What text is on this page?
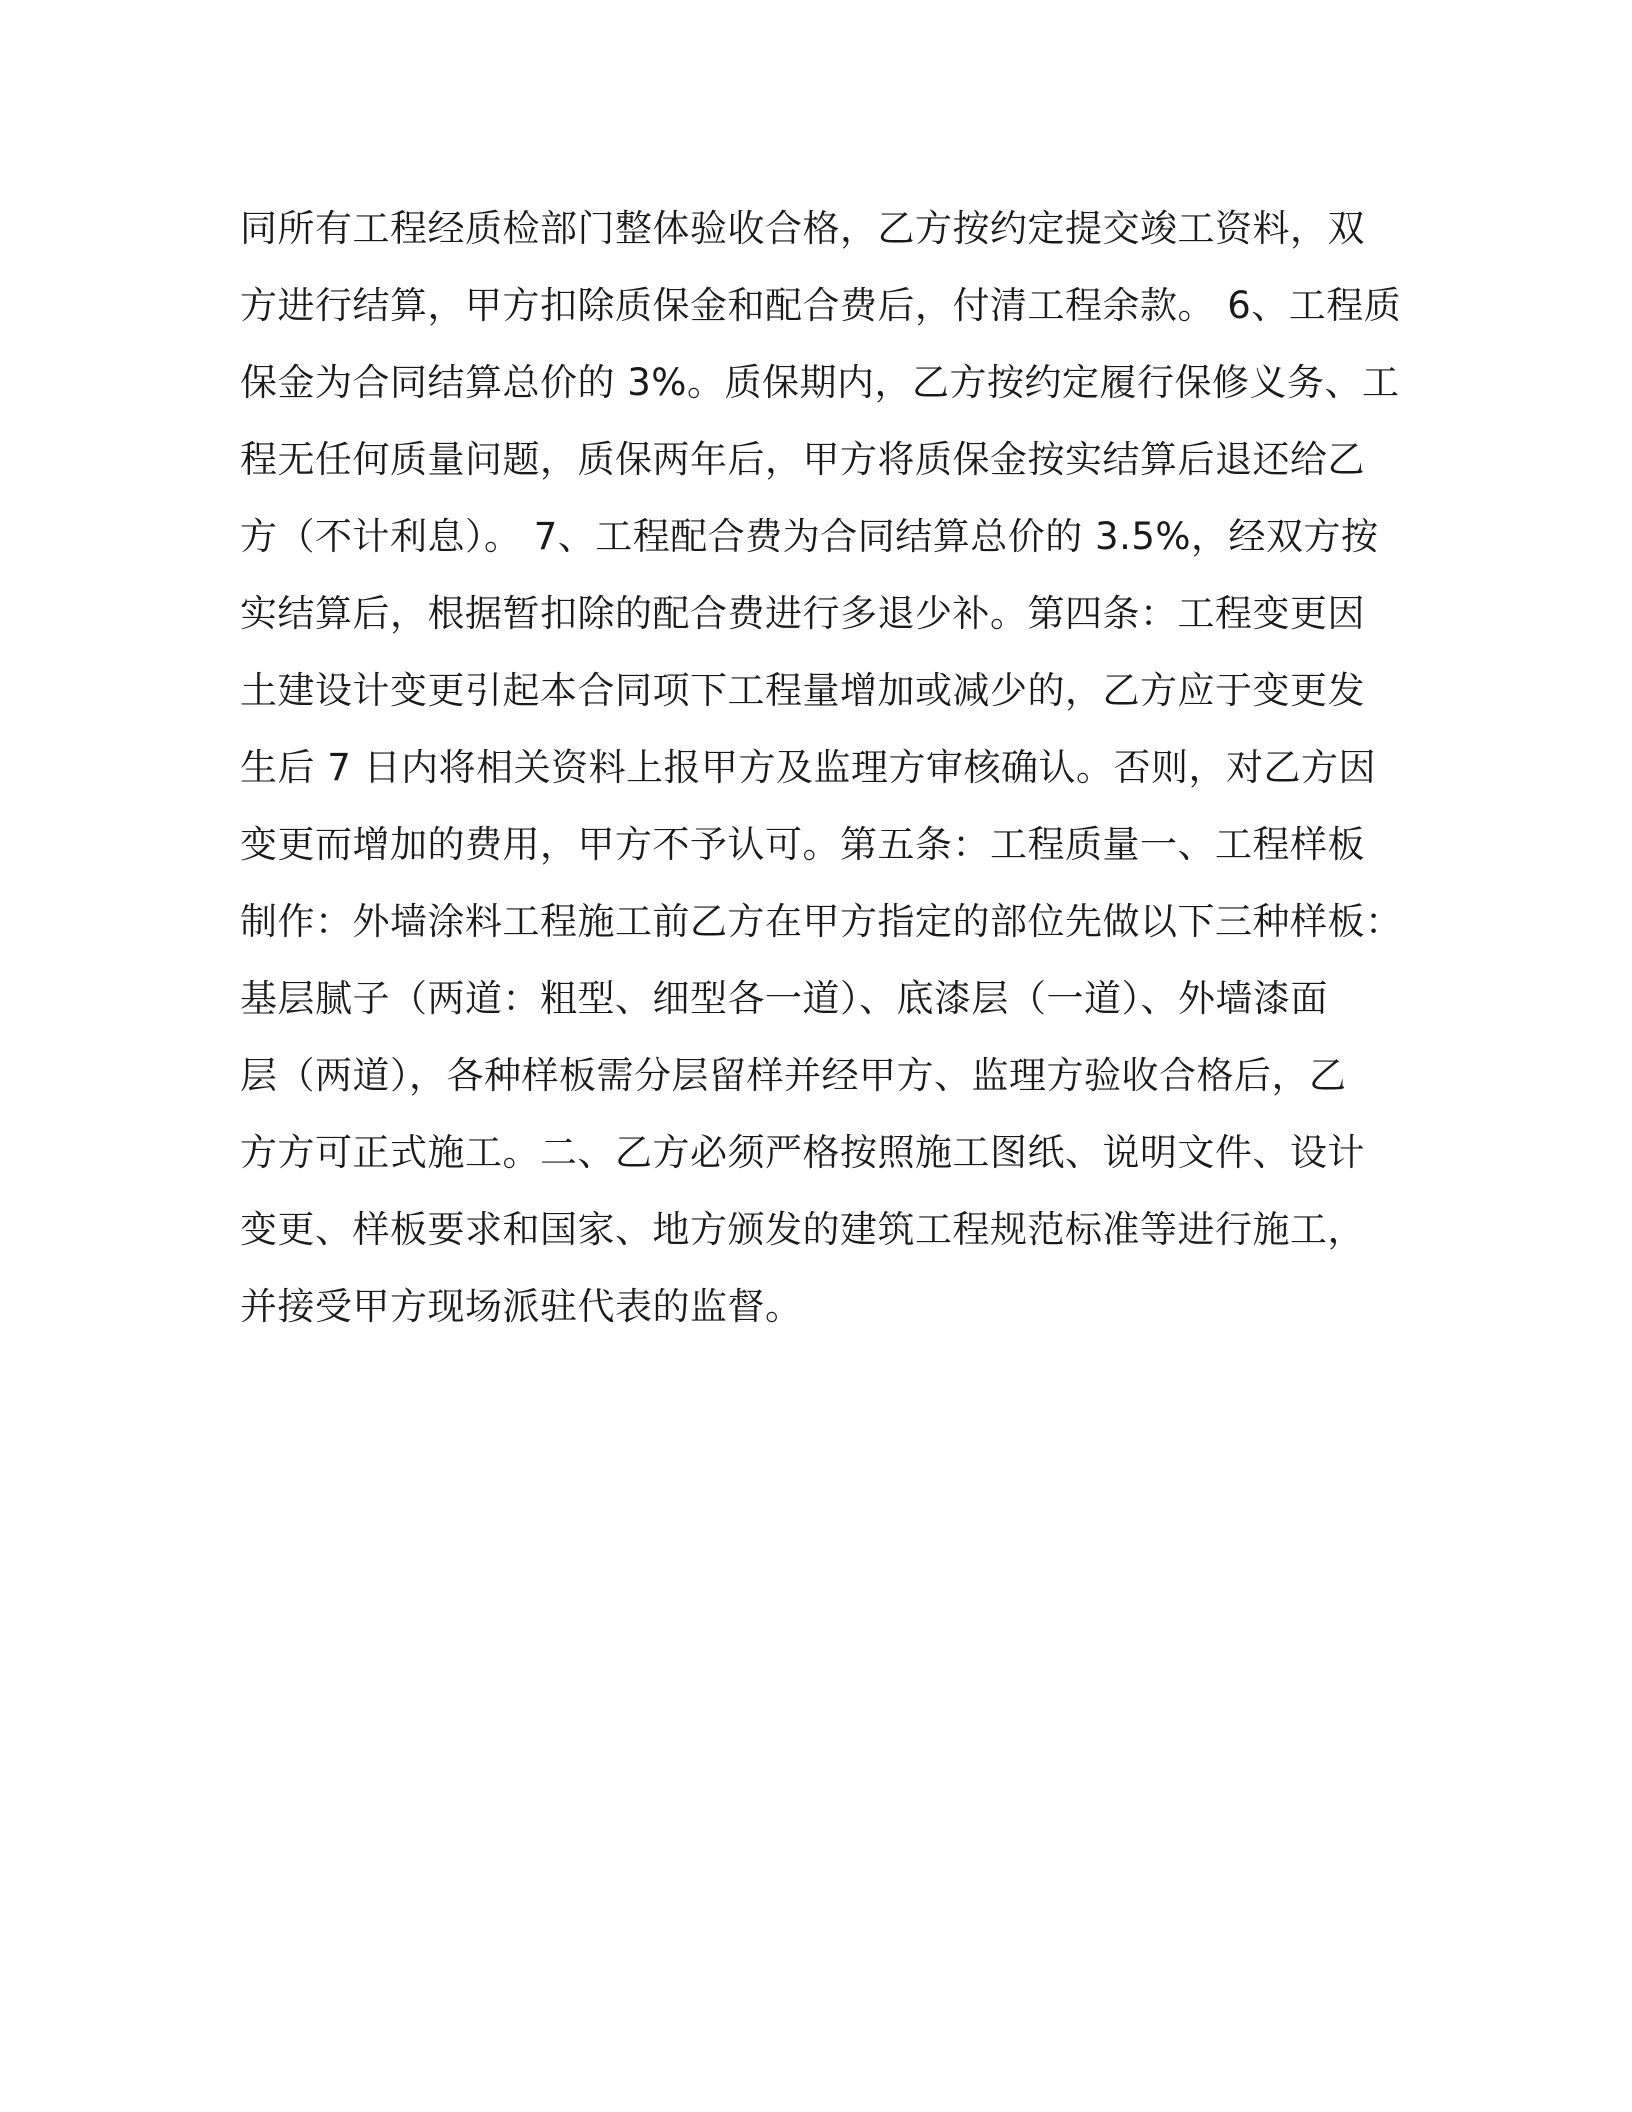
同所有工程经质检部门整体验收合格，乙方按约定提交竣工资料，双
方进行结算，甲方扣除质保金和配合费后，付清工程余款。 6、工程质
保金为合同结算总价的 3%。质保期内，乙方按约定履行保修义务、工
程无任何质量问题，质保两年后，甲方将质保金按实结算后退还给乙
方（不计利息）。 7、工程配合费为合同结算总价的 3.5%，经双方按
实结算后，根据暂扣除的配合费进行多退少补。第四条：工程变更因
土建设计变更引起本合同项下工程量增加或减少的，乙方应于变更发
生后 7 日内将相关资料上报甲方及监理方审核确认。否则，对乙方因
变更而增加的费用，甲方不予认可。第五条：工程质量一、工程样板
制作：外墙涂料工程施工前乙方在甲方指定的部位先做以下三种样板：
基层腻子（两道：粗型、细型各一道）、底漆层（一道）、外墙漆面
层（两道），各种样板需分层留样并经甲方、监理方验收合格后，乙
方方可正式施工。二、乙方必须严格按照施工图纸、说明文件、设计
变更、样板要求和国家、地方颁发的建筑工程规范标准等进行施工，
并接受甲方现场派驻代表的监督。
